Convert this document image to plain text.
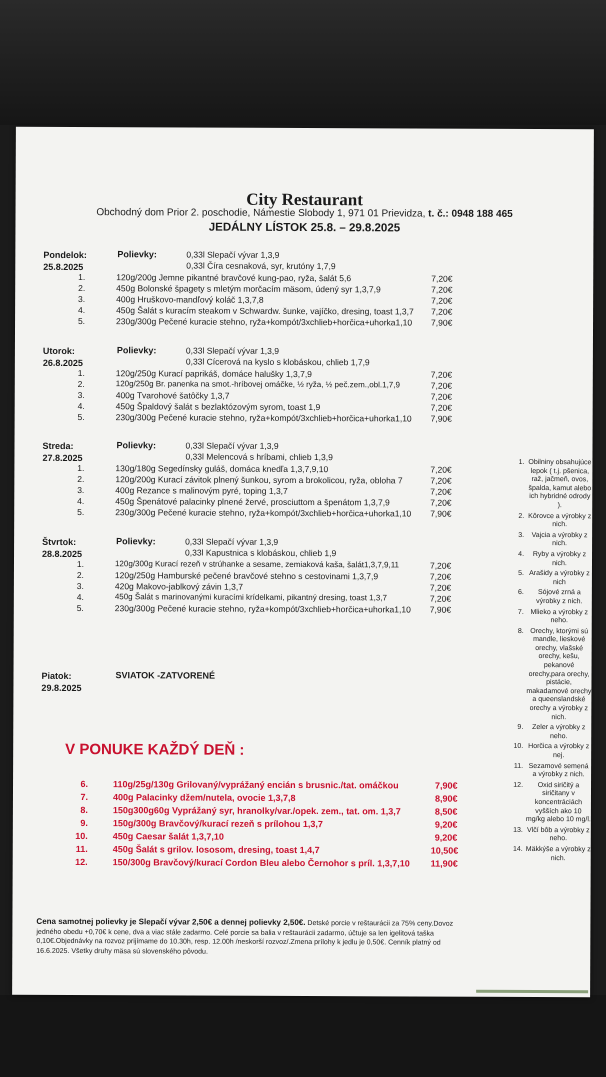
City Restaurant
Obchodný dom Prior 2. poschodie, Námestie Slobody 1, 971 01 Prievidza, t. č.: 0948 188 465
JEDÁLNY LÍSTOK 25.8. – 29.8.2025
Pondelok:
25.8.2025
Polievky:	0,33l Slepačí vývar 1,3,9
0,33l Číra cesnaková, syr, krutóny 1,7,9
1.	120g/200g Jemne pikantné bravčové kung-pao, ryža, šalát 5,6	7,20€
2.	450g Bolonské špagety s mletým morčacím mäsom, údený syr 1,3,7,9	7,20€
3.	400g Hruškovo-mandľový koláč 1,3,7,8	7,20€
4.	450g Šalát s kuracím steakom v Schwardw. šunke, vajíčko, dresing, toast 1,3,7 7,20€
5.	230g/300g Pečené kuracie stehno, ryža+kompót/3xchlieb+horčica+uhorka1,10 7,90€
Utorok:
26.8.2025
Polievky:	0,33l Slepačí vývar 1,3,9
0,33l Cícerová na kyslo s klobáskou, chlieb 1,7,9
1.	120g/250g Kurací paprikáš, domáce halušky 1,3,7,9	7,20€
2.	120g/250g Br. panenka na smot.-hríbovej omáčke, ½ ryža, ½ peč.zem.,obl.1,7,9	7,20€
3.	400g Tvarohové šatôčky 1,3,7	7,20€
4.	450g Špaldový šalát s bezlaktózovým syrom, toast 1,9	7,20€
5.	230g/300g Pečené kuracie stehno, ryža+kompót/3xchlieb+horčica+uhorka1,10 7,90€
Streda:
27.8.2025
Polievky:	0,33l Slepačí vývar 1,3,9
0,33l Melencová s hríbami, chlieb 1,3,9
1.	130g/180g Segedínsky guláš, domáca knedľa 1,3,7,9,10	7,20€
2.	120g/200g Kurací závitok plnený šunkou, syrom a brokolicou, ryža, obloha 7	7,20€
3.	400g Rezance s malinovým pyré, toping 1,3,7	7,20€
4.	450g Špenátové palacinky plnené žervé, prosciuttom a špenátom 1,3,7,9	7,20€
5.	230g/300g Pečené kuracie stehno, ryža+kompót/3xchlieb+horčica+uhorka1,10 7,90€
Štvrtok:
28.8.2025
Polievky:	0,33l Slepačí vývar 1,3,9
0,33l Kapustnica s klobáskou, chlieb 1,9
1.	120g/300g Kurací rezeň v strúhanke a sesame, zemiaková kaša, šalát1,3,7,9,11	7,20€
2.	120g/250g Hamburské pečené bravčové stehno s cestovinami 1,3,7,9	7,20€
3.	420g Makovo-jablkový závin 1,3,7	7,20€
4.	450g Šalát s marinovanými kuracími krídelkami, pikantný dresing, toast 1,3,7	7,20€
5.	230g/300g Pečené kuracie stehno, ryža+kompót/3xchlieb+horčica+uhorka1,10 7,90€
Piatok:
29.8.2025
SVIATOK -ZATVORENÉ
V PONUKE KAŽDÝ DEŇ :
6.	110g/25g/130g Grilovaný/vyprážaný encián s brusnic./tat. omáčkou	7,90€
7.	400g Palacinky džem/nutela, ovocie 1,3,7,8	8,90€
8.	150g300g60g Vyprážaný syr, hranolky/var./opek. zem., tat. om. 1,3,7	8,50€
9.	150g/300g Bravčový/kurací rezeň s prílohou 1,3,7	9,20€
10.	450g Caesar šalát 1,3,7,10	9,20€
11.	450g Šalát s grilov. lososom, dresing, toast 1,4,7	10,50€
12.	150/300g Bravčový/kurací Cordon Bleu alebo Černohor s príl. 1,3,7,10 11,90€
Cena samotnej polievky je Slepačí vývar 2,50€ a dennej polievky 2,50€. Detské porcie v reštaurácii za 75% ceny.Dovoz jedného obedu +0,70€ k cene, dva a viac stále zadarmo. Celé porcie sa balia v reštaurácii zadarmo, účtuje sa len igelitová taška 0,10€.Objednávky na rozvoz prijímame do 10.30h, resp. 12.00h /neskorší rozvoz/.Zmena prílohy k jedlu je 0,50€. Cenník platný od 16.6.2025. Všetky druhy mäsa sú slovenského pôvodu.
1. Obilniny obsahujúce lepok ( t.j. pšenica, raž, jačmeň, ovos, špalda, kamut alebo ich hybridné odrody ).
2. Kôrovce a výrobky z nich.
3.	Vajcia a výrobky z nich.
4.	Ryby a výrobky z nich.
5. Arašidy a výrobky z nich
6.	Sójové zrná a výrobky z nich.
7. Mlieko a výrobky z neho.
8. Orechy, ktorými sú mandle, lieskové orechy, vlašské orechy, kešu, pekanové orechy,para orechy, pistácie, makadamové orechy a queenslandské orechy a výrobky z nich.
9.	Zeler a výrobky z neho.
10. Horčica a výrobky z nej.
11. Sezamové semená a výrobky z nich.
12.	Oxid siričitý a siričitany v koncentráciách vyšších ako 10 mg/kg alebo 10 mg/l.
13. Vlčí bôb a výrobky z neho.
14. Mäkkýše a výrobky z nich.
